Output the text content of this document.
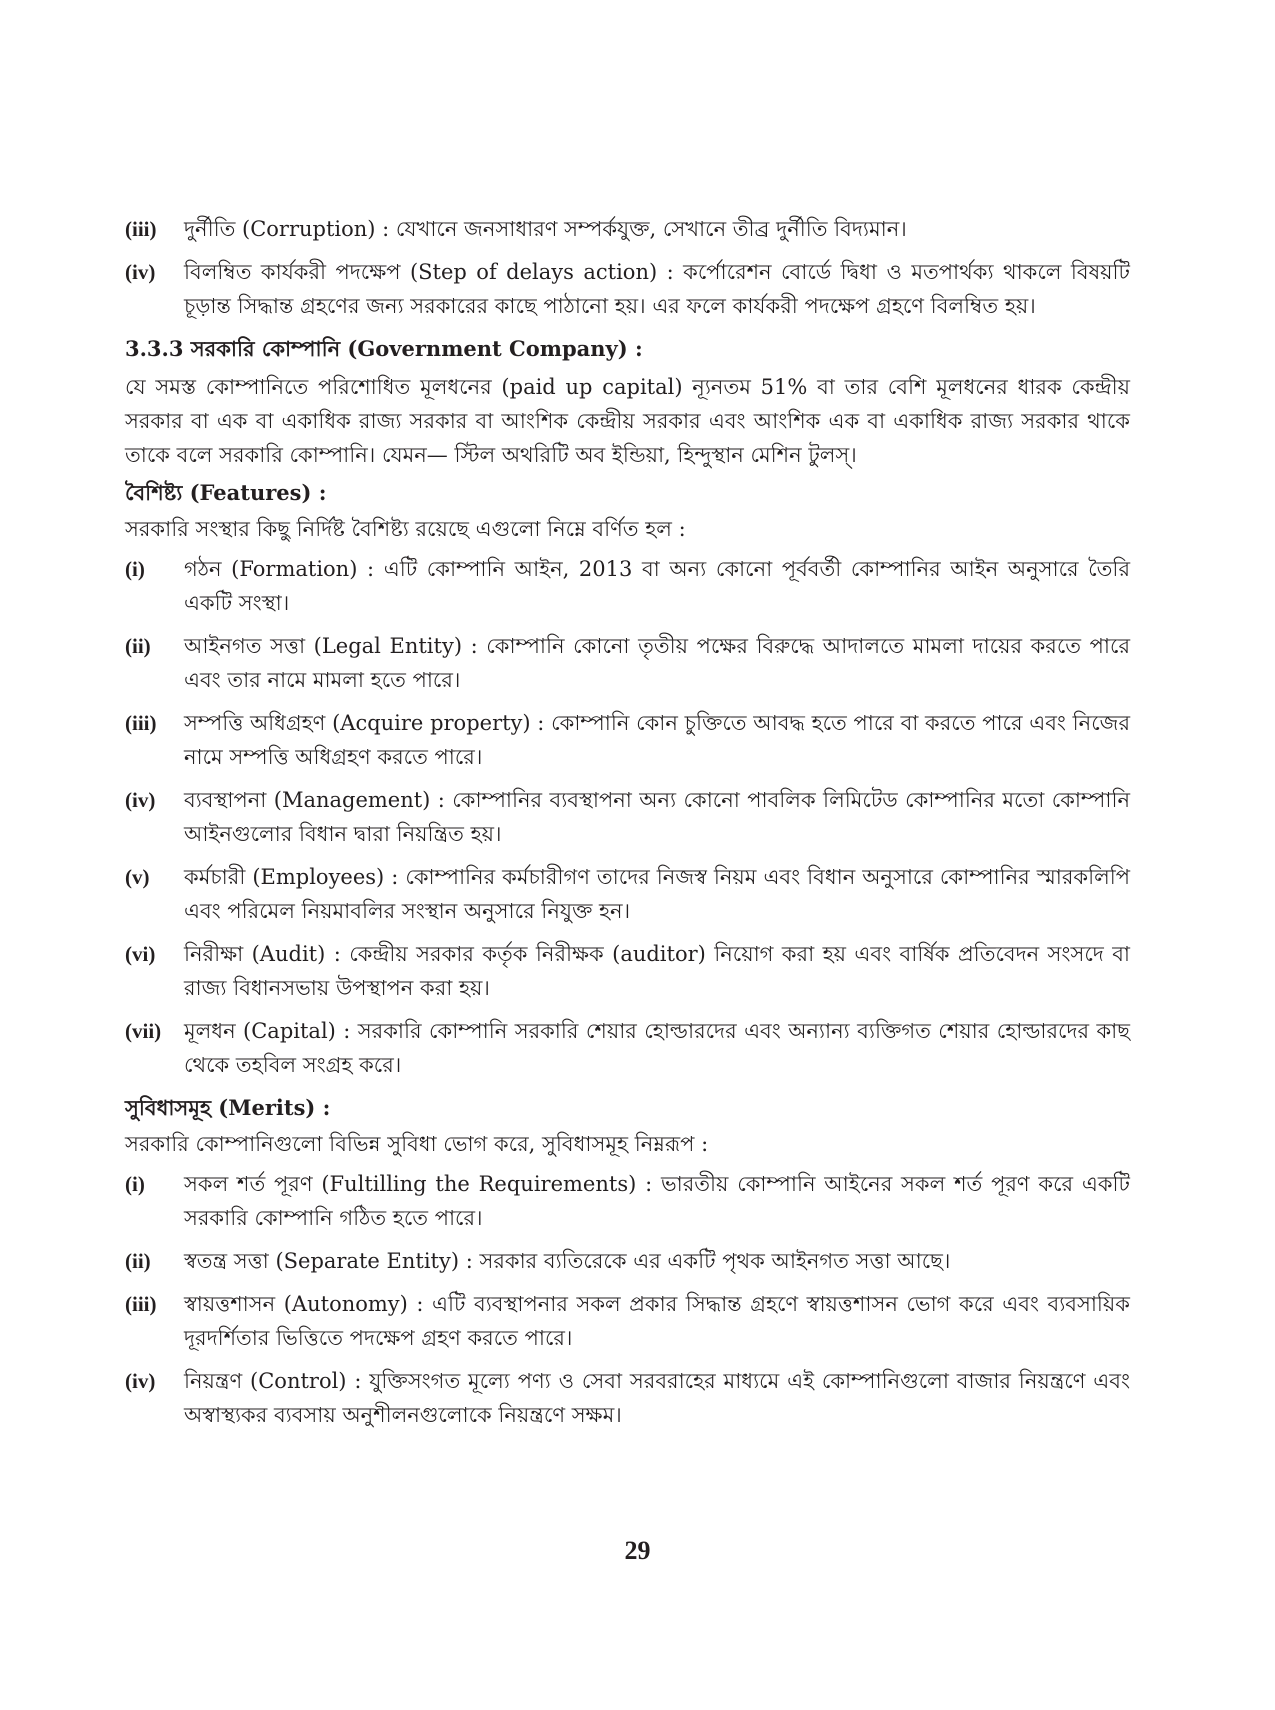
(iii)	দুর্নীতি (Corruption) : যেখানে জনসাধারণ সম্পর্কযুক্ত, সেখানে তীব্র দুর্নীতি বিদ্যমান।
(iv)	বিলম্বিত কার্যকরী পদক্ষেপ (Step of delays action) : কর্পোরেশন বোর্ডে দ্বিধা ও মতপার্থক্য থাকলে বিষয়টি চূড়ান্ত সিদ্ধান্ত গ্রহণের জন্য সরকারের কাছে পাঠানো হয়। এর ফলে কার্যকরী পদক্ষেপ গ্রহণে বিলম্বিত হয়।
3.3.3 সরকারি কোম্পানি (Government Company) :
যে সমস্ত কোম্পানিতে পরিশোধিত মূলধনের (paid up capital) ন্যূনতম 51% বা তার বেশি মূলধনের ধারক কেন্দ্রীয় সরকার বা এক বা একাধিক রাজ্য সরকার বা আংশিক কেন্দ্রীয় সরকার এবং আংশিক এক বা একাধিক রাজ্য সরকার থাকে তাকে বলে সরকারি কোম্পানি। যেমন— স্টিল অথরিটি অব ইন্ডিয়া, হিন্দুস্থান মেশিন টুলস্।
বৈশিষ্ট্য (Features) :
সরকারি সংস্থার কিছু নির্দিষ্ট বৈশিষ্ট্য রয়েছে এগুলো নিম্নে বর্ণিত হল :
(i)	গঠন (Formation) : এটি কোম্পানি আইন, 2013 বা অন্য কোনো পূর্ববর্তী কোম্পানির আইন অনুসারে তৈরি একটি সংস্থা।
(ii)	আইনগত সত্তা (Legal Entity) : কোম্পানি কোনো তৃতীয় পক্ষের বিরুদ্ধে আদালতে মামলা দায়ের করতে পারে এবং তার নামে মামলা হতে পারে।
(iii)	সম্পত্তি অধিগ্রহণ (Acquire property) : কোম্পানি কোন চুক্তিতে আবদ্ধ হতে পারে বা করতে পারে এবং নিজের নামে সম্পত্তি অধিগ্রহণ করতে পারে।
(iv)	ব্যবস্থাপনা (Management) : কোম্পানির ব্যবস্থাপনা অন্য কোনো পাবলিক লিমিটেড কোম্পানির মতো কোম্পানি আইনগুলোর বিধান দ্বারা নিয়ন্ত্রিত হয়।
(v)	কর্মচারী (Employees) : কোম্পানির কর্মচারীগণ তাদের নিজস্ব নিয়ম এবং বিধান অনুসারে কোম্পানির স্মারকলিপি এবং পরিমেল নিয়মাবলির সংস্থান অনুসারে নিযুক্ত হন।
(vi)	নিরীক্ষা (Audit) : কেন্দ্রীয় সরকার কর্তৃক নিরীক্ষক (auditor) নিয়োগ করা হয় এবং বার্ষিক প্রতিবেদন সংসদে বা রাজ্য বিধানসভায় উপস্থাপন করা হয়।
(vii)	মূলধন (Capital) : সরকারি কোম্পানি সরকারি শেয়ার হোল্ডারদের এবং অন্যান্য ব্যক্তিগত শেয়ার হোল্ডারদের কাছ থেকে তহবিল সংগ্রহ করে।
সুবিধাসমূহ (Merits) :
সরকারি কোম্পানিগুলো বিভিন্ন সুবিধা ভোগ করে, সুবিধাসমূহ নিম্নরূপ :
(i)	সকল শর্ত পূরণ (Fultilling the Requirements) : ভারতীয় কোম্পানি আইনের সকল শর্ত পূরণ করে একটি সরকারি কোম্পানি গঠিত হতে পারে।
(ii)	স্বতন্ত্র সত্তা (Separate Entity) : সরকার ব্যতিরেকে এর একটি পৃথক আইনগত সত্তা আছে।
(iii)	স্বায়ত্তশাসন (Autonomy) : এটি ব্যবস্থাপনার সকল প্রকার সিদ্ধান্ত গ্রহণে স্বায়ত্তশাসন ভোগ করে এবং ব্যবসায়িক দূরদর্শিতার ভিত্তিতে পদক্ষেপ গ্রহণ করতে পারে।
(iv)	নিয়ন্ত্রণ (Control) : যুক্তিসংগত মূল্যে পণ্য ও সেবা সরবরাহের মাধ্যমে এই কোম্পানিগুলো বাজার নিয়ন্ত্রণে এবং অস্বাস্থ্যকর ব্যবসায় অনুশীলনগুলোকে নিয়ন্ত্রণে সক্ষম।
29
